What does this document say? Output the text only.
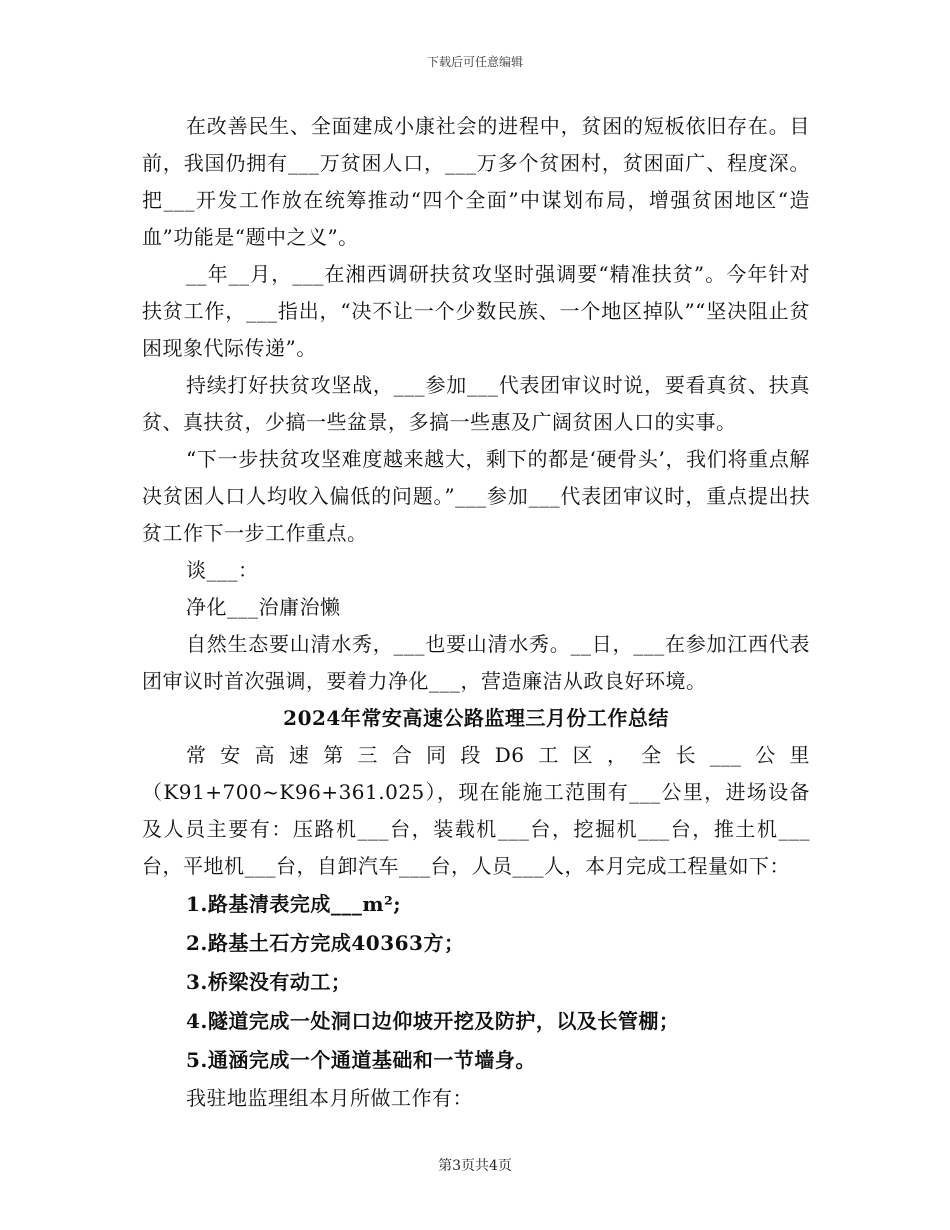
下载后可任意编辑

在改善民生、全面建成小康社会的进程中，贫困的短板依旧存在。目前，我国仍拥有___万贫困人口，___万多个贫困村，贫困面广、程度深。把___开发工作放在统筹推动“四个全面”中谋划布局，增强贫困地区“造血”功能是“题中之义”。

__年__月，___在湘西调研扶贫攻坚时强调要“精准扶贫”。今年针对扶贫工作，___指出，“决不让一个少数民族、一个地区掉队”“坚决阻止贫困现象代际传递”。

持续打好扶贫攻坚战，___参加___代表团审议时说，要看真贫、扶真贫、真扶贫，少搞一些盆景，多搞一些惠及广阔贫困人口的实事。

“下一步扶贫攻坚难度越来越大，剩下的都是‘硬骨头’，我们将重点解决贫困人口人均收入偏低的问题。”___参加___代表团审议时，重点提出扶贫工作下一步工作重点。

谈___：

净化___治庸治懒

自然生态要山清水秀，___也要山清水秀。__日，___在参加江西代表团审议时首次强调，要着力净化___，营造廉洁从政良好环境。

2024年常安高速公路监理三月份工作总结

常安高速第三合同段D6工区，全长___公里（K91+700~K96+361.025），现在能施工范围有___公里，进场设备及人员主要有：压路机___台，装载机___台，挖掘机___台，推土机___台，平地机___台，自卸汽车___台，人员___人，本月完成工程量如下：

1.路基清表完成___m²;

2.路基土石方完成40363方；

3.桥梁没有动工；

4.隧道完成一处洞口边仰坡开挖及防护，以及长管棚；

5.通涵完成一个通道基础和一节墙身。

我驻地监理组本月所做工作有：

第3页共4页
